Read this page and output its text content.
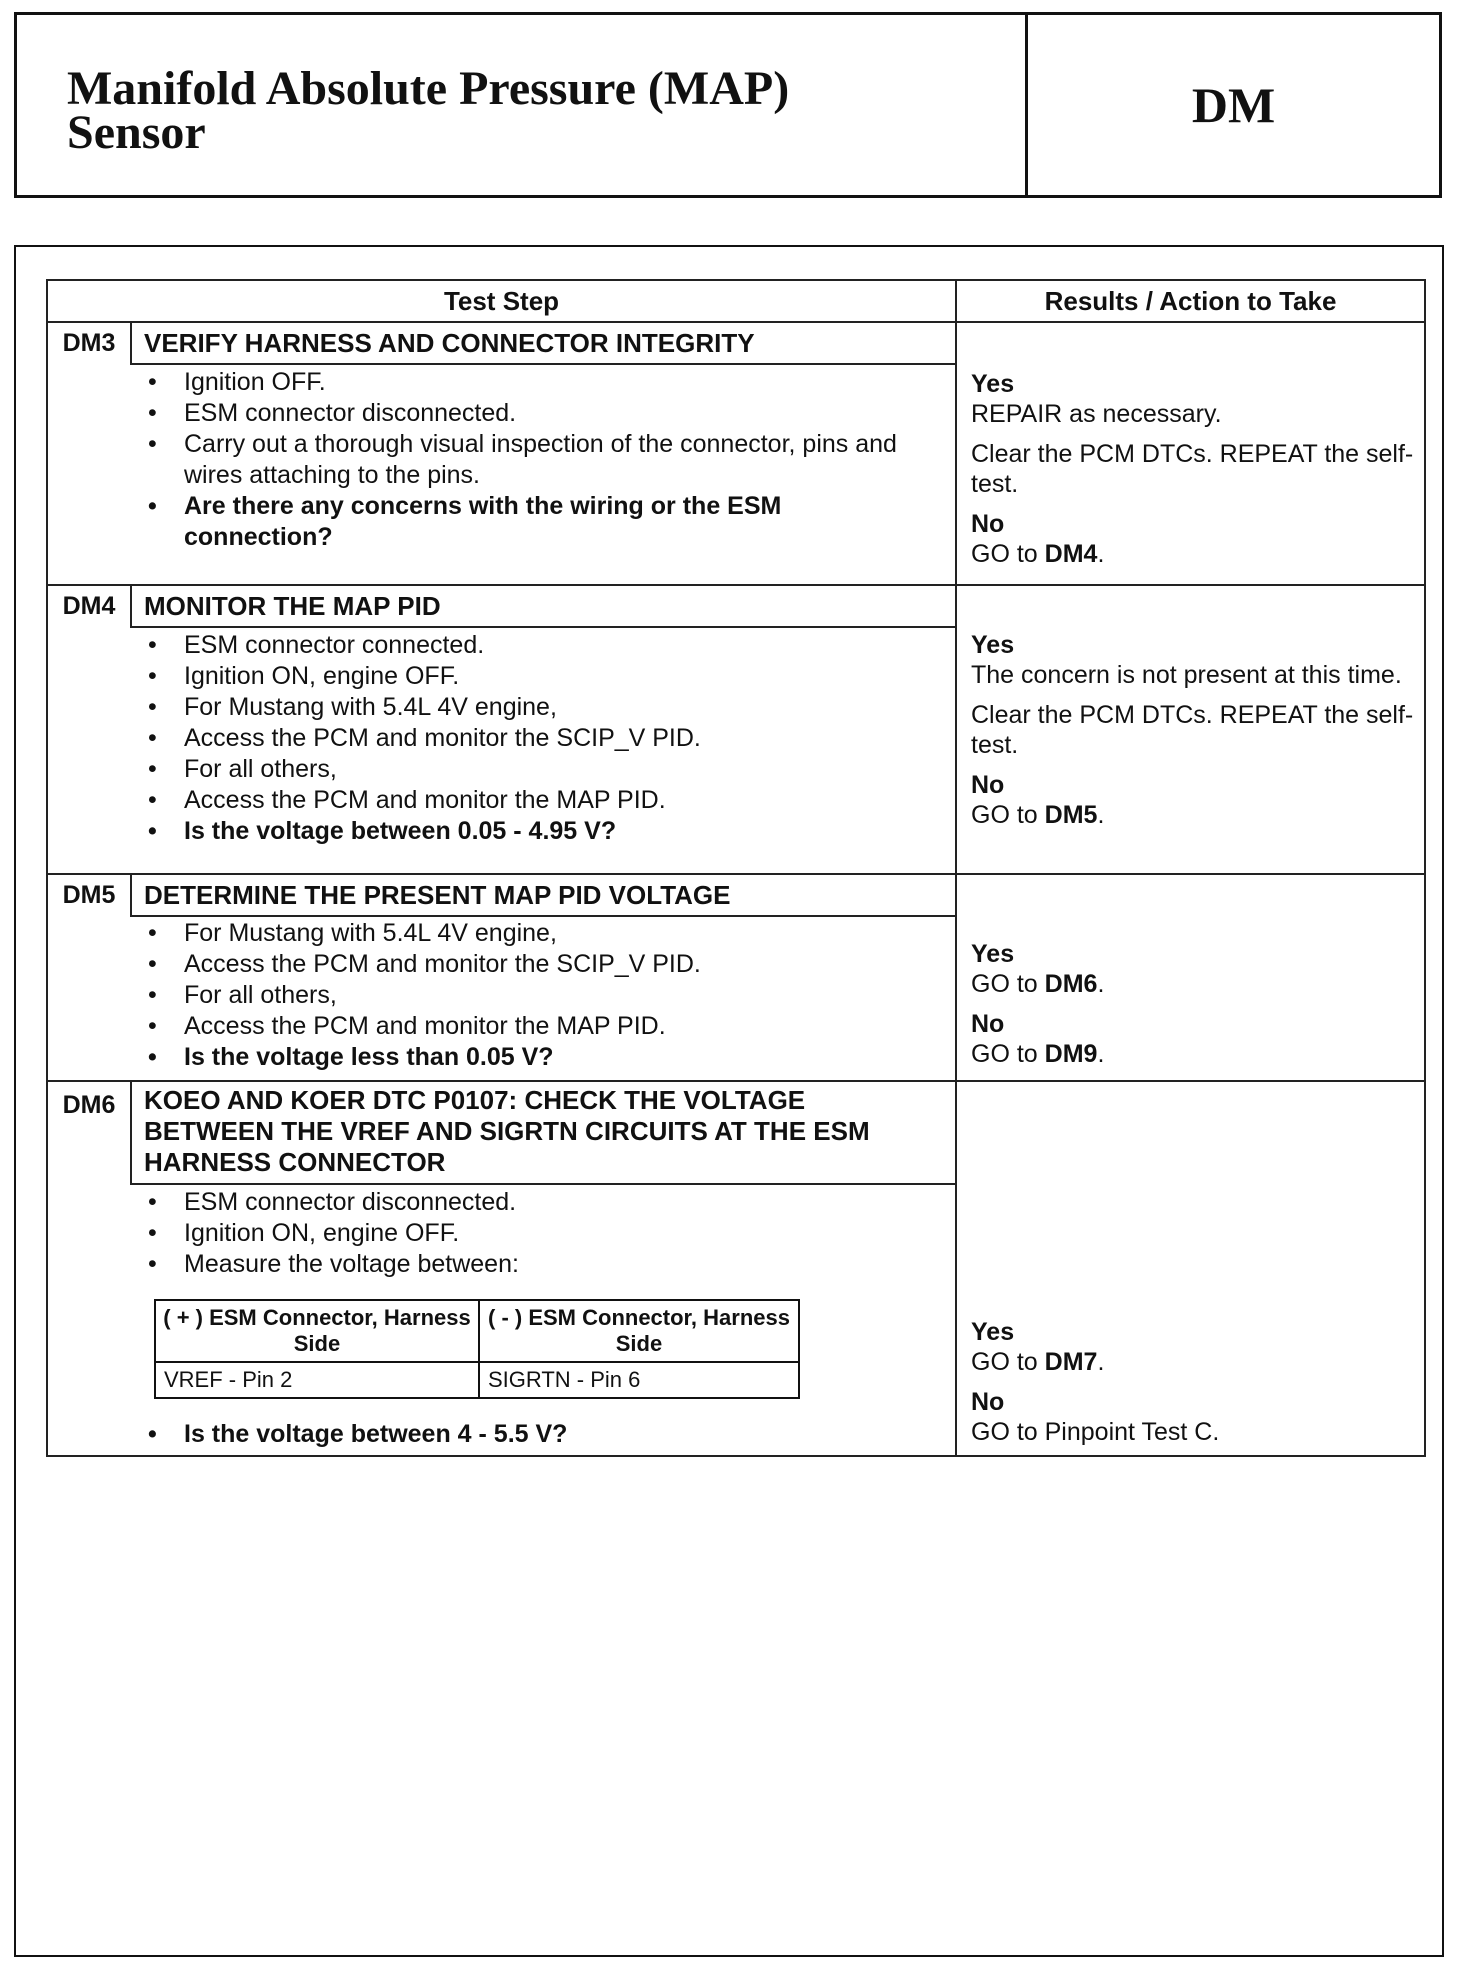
Manifold Absolute Pressure (MAP)
Sensor	DM
Test Step	Results / Action to Take
DM3	VERIFY HARNESS AND CONNECTOR INTEGRITY
• Ignition OFF.
• ESM connector disconnected.
• Carry out a thorough visual inspection of the connector, pins and wires attaching to the pins.
• Are there any concerns with the wiring or the ESM connection?
Yes

REPAIR as necessary.

Clear the PCM DTCs. REPEAT the self-test.

No
GO to DM4.
DM4	MONITOR THE MAP PID
• ESM connector connected.
• Ignition ON, engine OFF.
• For Mustang with 5.4L 4V engine,
• Access the PCM and monitor the SCIP_V PID.
• For all others,
• Access the PCM and monitor the MAP PID.
• Is the voltage between 0.05 - 4.95 V?
Yes

The concern is not present at this time.

Clear the PCM DTCs. REPEAT the self-test.

No
GO to DM5.
DM5	DETERMINE THE PRESENT MAP PID VOLTAGE
• For Mustang with 5.4L 4V engine,
• Access the PCM and monitor the SCIP_V PID.
• For all others,
• Access the PCM and monitor the MAP PID.
• Is the voltage less than 0.05 V?
Yes

GO to DM6.

No
GO to DM9.
DM6	KOEO AND KOER DTC P0107: CHECK THE VOLTAGE BETWEEN THE VREF AND SIGRTN CIRCUITS AT THE ESM HARNESS CONNECTOR
• ESM connector disconnected.
• Ignition ON, engine OFF.
• Measure the voltage between:
( + ) ESM Connector, Harness Side	( - ) ESM Connector, Harness Side
VREF - Pin 2	SIGRTN - Pin 6
• Is the voltage between 4 - 5.5 V?
Yes

GO to DM7.

No
GO to Pinpoint Test C.
